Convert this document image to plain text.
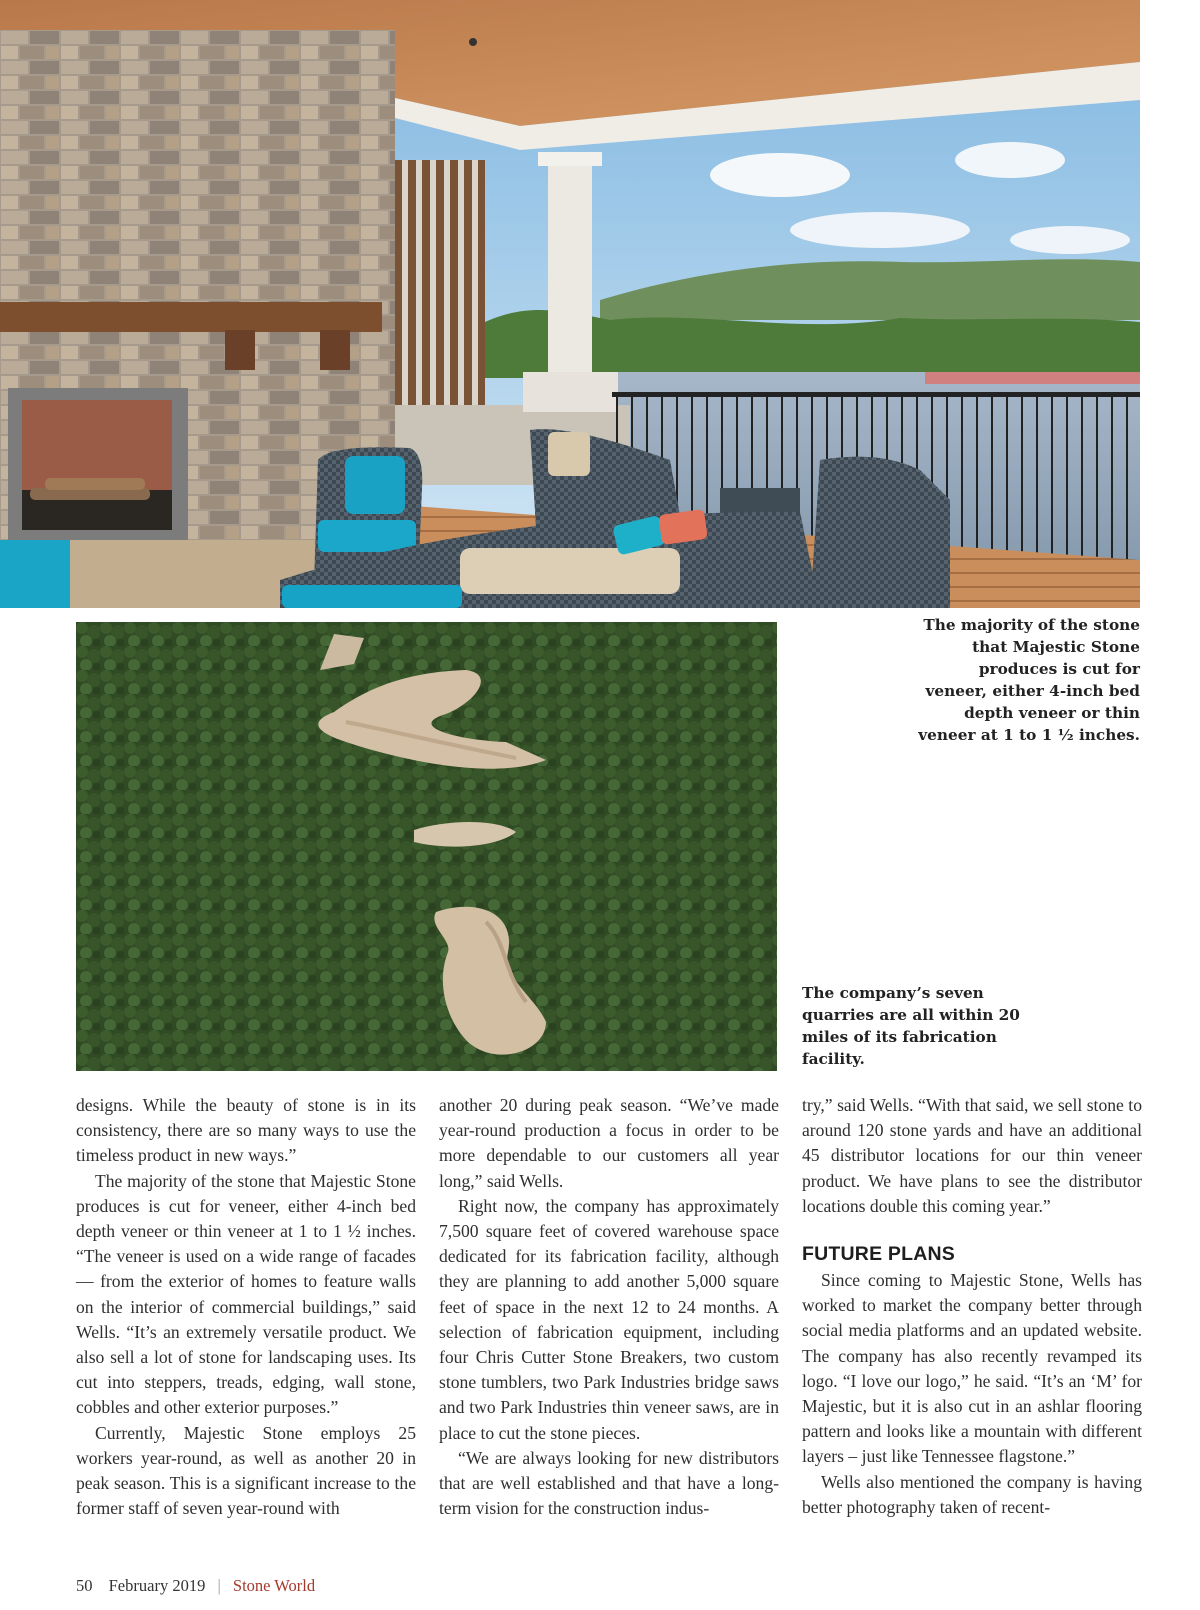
The majority of the stone that Majestic Stone produces is cut for veneer, either 4-inch bed depth veneer or thin veneer at 1 to 1 ½ inches.
The company’s seven quarries are all within 20 miles of its fabrication facility.

designs. While the beauty of stone is in its consistency, there are so many ways to use the timeless product in new ways.”

The majority of the stone that Majestic Stone produces is cut for veneer, either 4-inch bed depth veneer or thin veneer at 1 to 1 ½ inches. “The veneer is used on a wide range of facades — from the exterior of homes to feature walls on the interior of commercial buildings,” said Wells. “It’s an extremely versatile product. We also sell a lot of stone for landscaping uses. Its cut into steppers, treads, edging, wall stone, cobbles and other exterior purposes.”

Currently, Majestic Stone employs 25 workers year-round, as well as another 20 in peak season. This is a significant increase to the former staff of seven year-round with

another 20 during peak season. “We’ve made year-round production a focus in order to be more dependable to our customers all year long,” said Wells.

Right now, the company has approximately 7,500 square feet of covered warehouse space dedicated for its fabrication facility, although they are planning to add another 5,000 square feet of space in the next 12 to 24 months. A selection of fabrication equipment, including four Chris Cutter Stone Breakers, two custom stone tumblers, two Park Industries bridge saws and two Park Industries thin veneer saws, are in place to cut the stone pieces.

“We are always looking for new distributors that are well established and that have a long-term vision for the construction indus-

try,” said Wells. “With that said, we sell stone to around 120 stone yards and have an additional 45 distributor locations for our thin veneer product. We have plans to see the distributor locations double this coming year.”

FUTURE PLANS

Since coming to Majestic Stone, Wells has worked to market the company better through social media platforms and an updated website. The company has also recently revamped its logo. “I love our logo,” he said. “It’s an ‘M’ for Majestic, but it is also cut in an ashlar flooring pattern and looks like a mountain with different layers – just like Tennessee flagstone.”

Wells also mentioned the company is having better photography taken of recent-

50 February 2019 | Stone World
